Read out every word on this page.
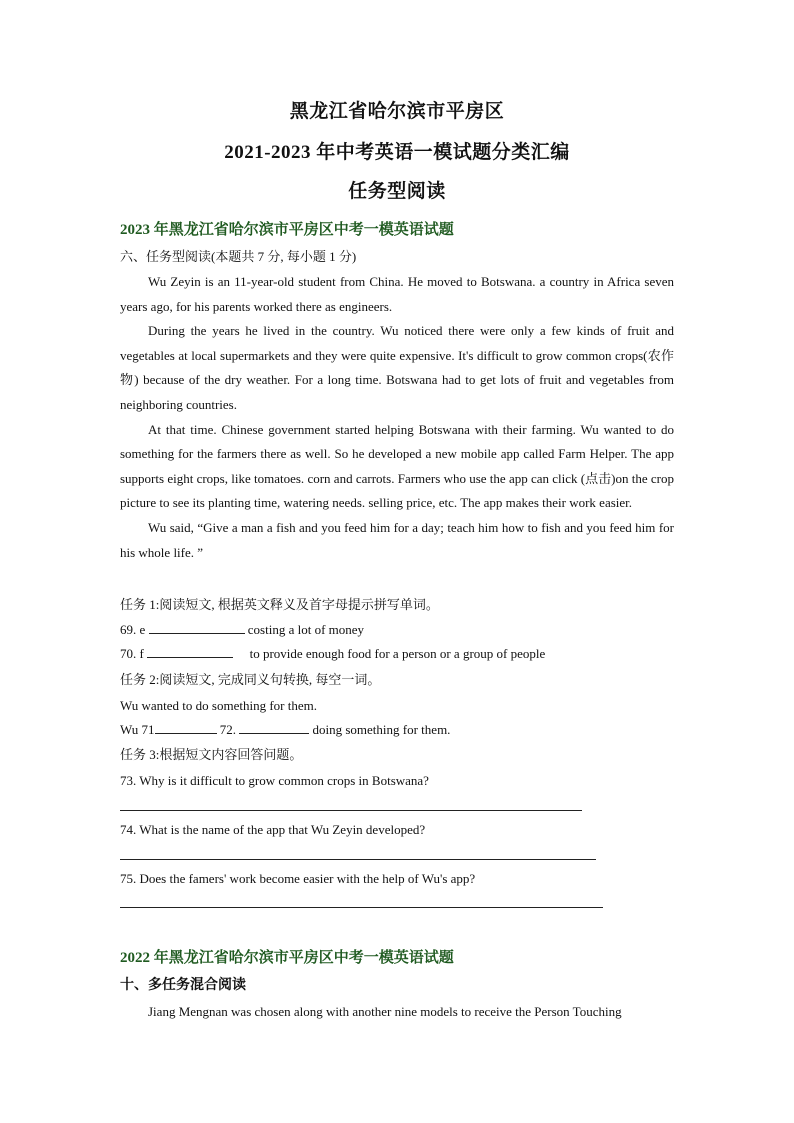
黑龙江省哈尔滨市平房区
2021-2023 年中考英语一模试题分类汇编
任务型阅读
2023 年黑龙江省哈尔滨市平房区中考一模英语试题
六、任务型阅读(本题共 7 分, 每小题 1 分)
Wu Zeyin is an 11-year-old student from China. He moved to Botswana. a country in Africa seven years ago, for his parents worked there as engineers.
During the years he lived in the country. Wu noticed there were only a few kinds of fruit and vegetables at local supermarkets and they were quite expensive. It's difficult to grow common crops(农作物) because of the dry weather. For a long time. Botswana had to get lots of fruit and vegetables from neighboring countries.
At that time. Chinese government started helping Botswana with their farming. Wu wanted to do something for the farmers there as well. So he developed a new mobile app called Farm Helper. The app supports eight crops, like tomatoes. corn and carrots. Farmers who use the app can click (点击)on the crop picture to see its planting time, watering needs. selling price, etc. The app makes their work easier.
Wu said, “Give a man a fish and you feed him for a day; teach him how to fish and you feed him for his whole life. ”
任务 1:阅读短文, 根据英文释义及首字母提示拼写单词。
69. e	costing a lot of money
70. f	to provide enough food for a person or a group of people
任务 2:阅读短文, 完成同义句转换, 每空一词。
Wu wanted to do something for them.
Wu 71	72.	doing something for them.
任务 3:根据短文内容回答问题。
73. Why is it difficult to grow common crops in Botswana?
74. What is the name of the app that Wu Zeyin developed?
75. Does the famers' work become easier with the help of Wu's app?
2022 年黑龙江省哈尔滨市平房区中考一模英语试题
十、多任务混合阅读
Jiang Mengnan was chosen along with another nine models to receive the Person Touching
